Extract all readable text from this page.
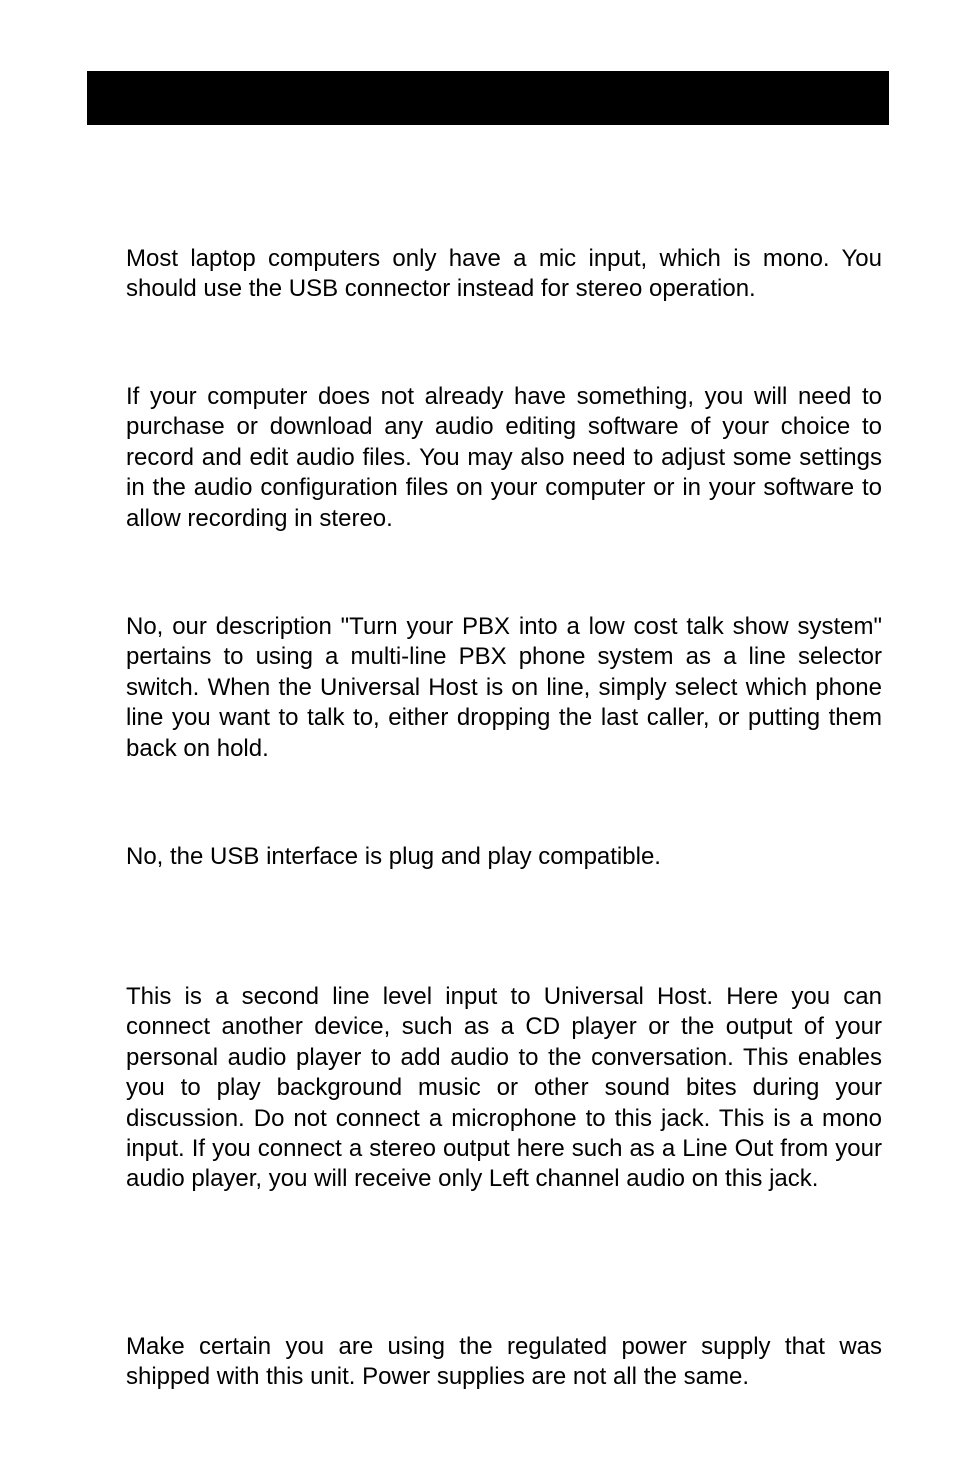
Most laptop computers only have a mic input, which is mono. You should use the USB connector instead for stereo operation.

If your computer does not already have something, you will need to purchase or download any audio editing software of your choice to record and edit audio files. You may also need to adjust some settings in the audio configuration files on your computer or in your software to allow recording in stereo.

No, our description "Turn your PBX into a low cost talk show system" pertains to using a multi-line PBX phone system as a line selector switch. When the Universal Host is on line, simply select which phone line you want to talk to, either dropping the last caller, or putting them back on hold.

No, the USB interface is plug and play compatible.

This is a second line level input to Universal Host. Here you can connect another device, such as a CD player or the output of your personal audio player to add audio to the conversation. This enables you to play background music or other sound bites during your discussion. Do not connect a microphone to this jack. This is a mono input. If you connect a stereo output here such as a Line Out from your audio player, you will receive only Left channel audio on this jack.

Make certain you are using the regulated power supply that was shipped with this unit. Power supplies are not all the same.
